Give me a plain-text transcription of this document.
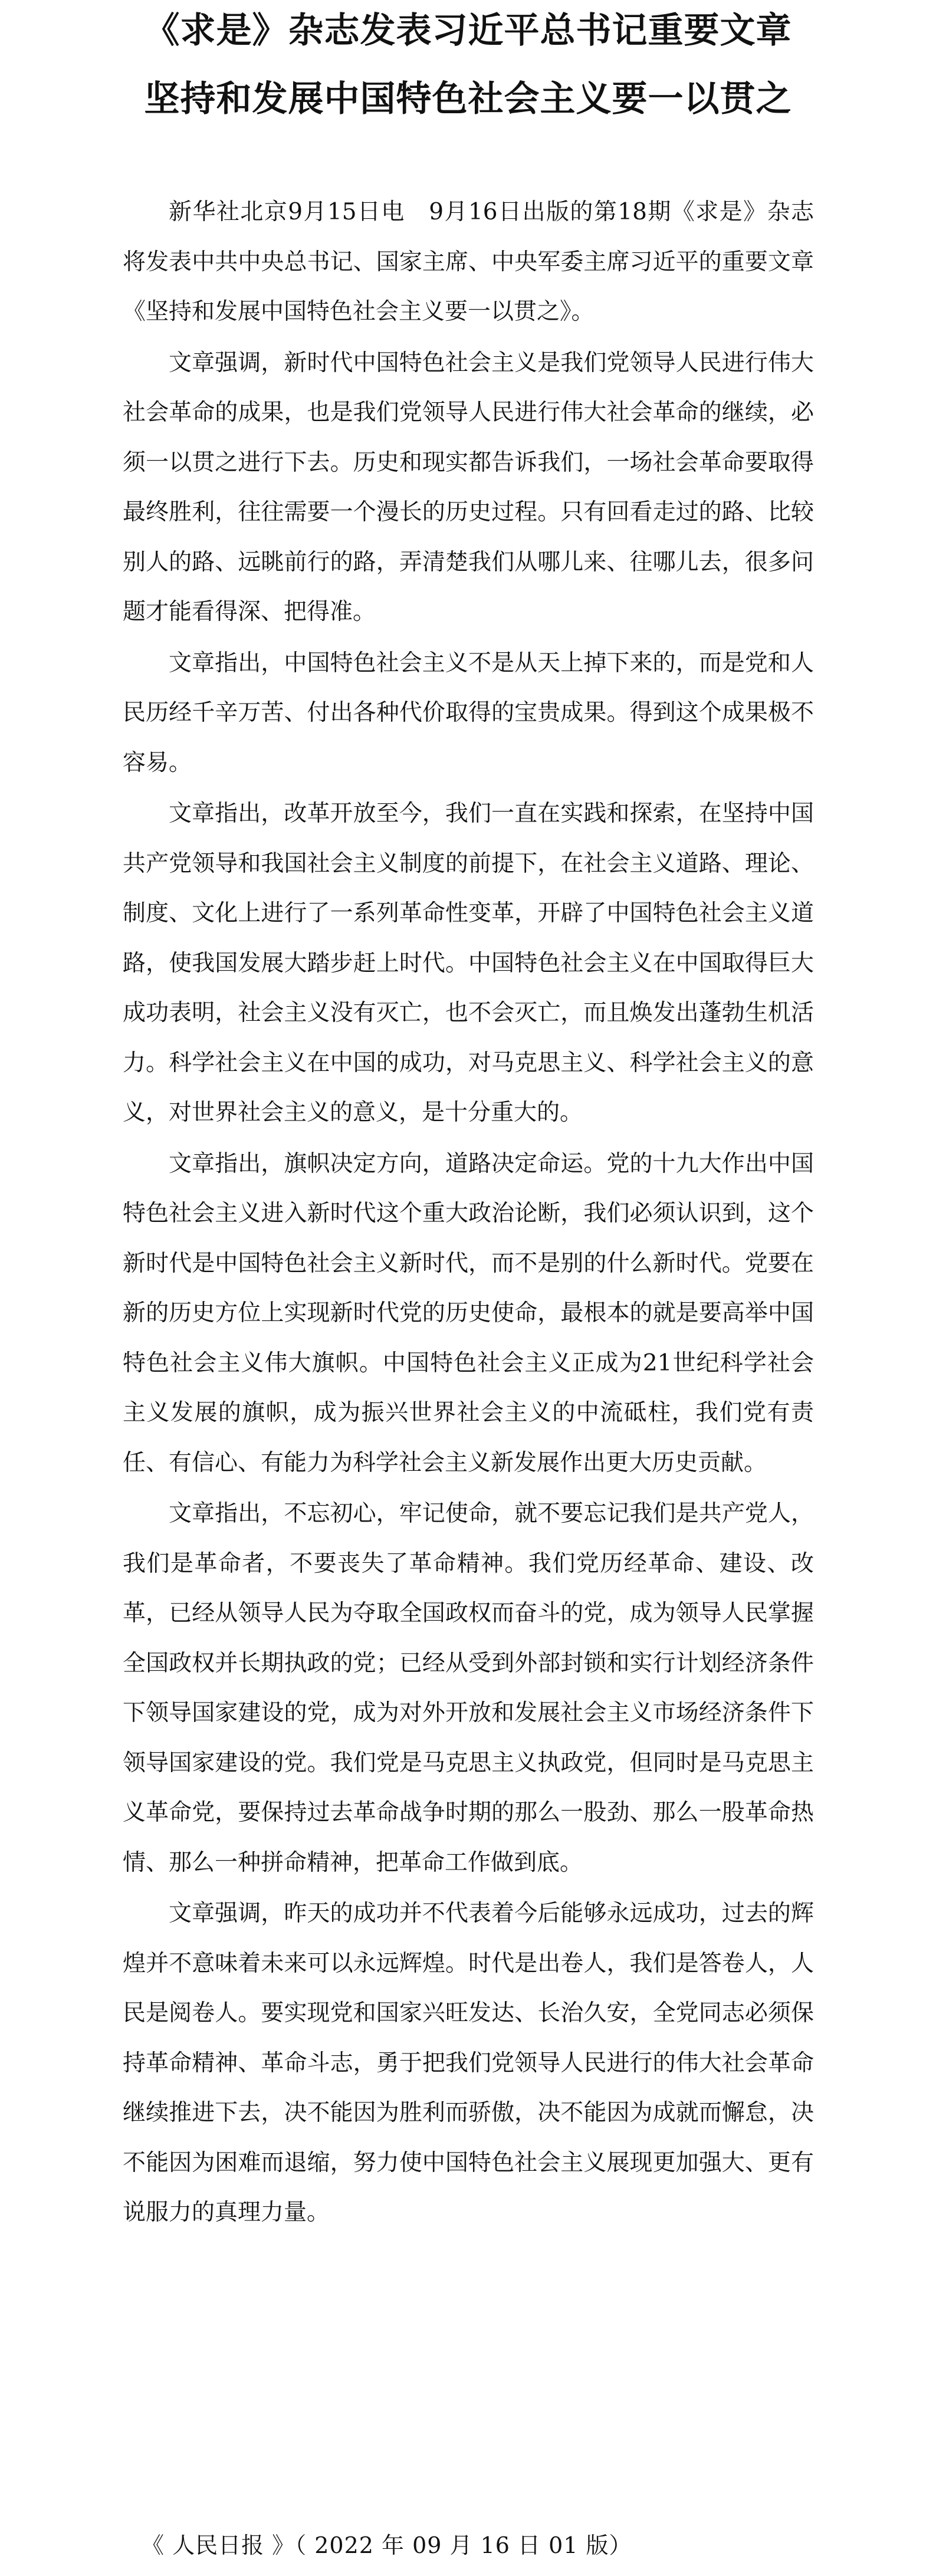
《求是》杂志发表习近平总书记重要文章
坚持和发展中国特色社会主义要一以贯之

新华社北京9月15日电　9月16日出版的第18期《求是》杂志将发表中共中央总书记、国家主席、中央军委主席习近平的重要文章《坚持和发展中国特色社会主义要一以贯之》。

文章强调，新时代中国特色社会主义是我们党领导人民进行伟大社会革命的成果，也是我们党领导人民进行伟大社会革命的继续，必须一以贯之进行下去。历史和现实都告诉我们，一场社会革命要取得最终胜利，往往需要一个漫长的历史过程。只有回看走过的路、比较别人的路、远眺前行的路，弄清楚我们从哪儿来、往哪儿去，很多问题才能看得深、把得准。

文章指出，中国特色社会主义不是从天上掉下来的，而是党和人民历经千辛万苦、付出各种代价取得的宝贵成果。得到这个成果极不容易。

文章指出，改革开放至今，我们一直在实践和探索，在坚持中国共产党领导和我国社会主义制度的前提下，在社会主义道路、理论、制度、文化上进行了一系列革命性变革，开辟了中国特色社会主义道路，使我国发展大踏步赶上时代。中国特色社会主义在中国取得巨大成功表明，社会主义没有灭亡，也不会灭亡，而且焕发出蓬勃生机活力。科学社会主义在中国的成功，对马克思主义、科学社会主义的意义，对世界社会主义的意义，是十分重大的。

文章指出，旗帜决定方向，道路决定命运。党的十九大作出中国特色社会主义进入新时代这个重大政治论断，我们必须认识到，这个新时代是中国特色社会主义新时代，而不是别的什么新时代。党要在新的历史方位上实现新时代党的历史使命，最根本的就是要高举中国特色社会主义伟大旗帜。中国特色社会主义正成为21世纪科学社会主义发展的旗帜，成为振兴世界社会主义的中流砥柱，我们党有责任、有信心、有能力为科学社会主义新发展作出更大历史贡献。

文章指出，不忘初心，牢记使命，就不要忘记我们是共产党人，我们是革命者，不要丧失了革命精神。我们党历经革命、建设、改革，已经从领导人民为夺取全国政权而奋斗的党，成为领导人民掌握全国政权并长期执政的党；已经从受到外部封锁和实行计划经济条件下领导国家建设的党，成为对外开放和发展社会主义市场经济条件下领导国家建设的党。我们党是马克思主义执政党，但同时是马克思主义革命党，要保持过去革命战争时期的那么一股劲、那么一股革命热情、那么一种拼命精神，把革命工作做到底。

文章强调，昨天的成功并不代表着今后能够永远成功，过去的辉煌并不意味着未来可以永远辉煌。时代是出卷人，我们是答卷人，人民是阅卷人。要实现党和国家兴旺发达、长治久安，全党同志必须保持革命精神、革命斗志，勇于把我们党领导人民进行的伟大社会革命继续推进下去，决不能因为胜利而骄傲，决不能因为成就而懈怠，决不能因为困难而退缩，努力使中国特色社会主义展现更加强大、更有说服力的真理力量。

《 人民日报 》（ 2022 年 09 月 16 日 01 版）
